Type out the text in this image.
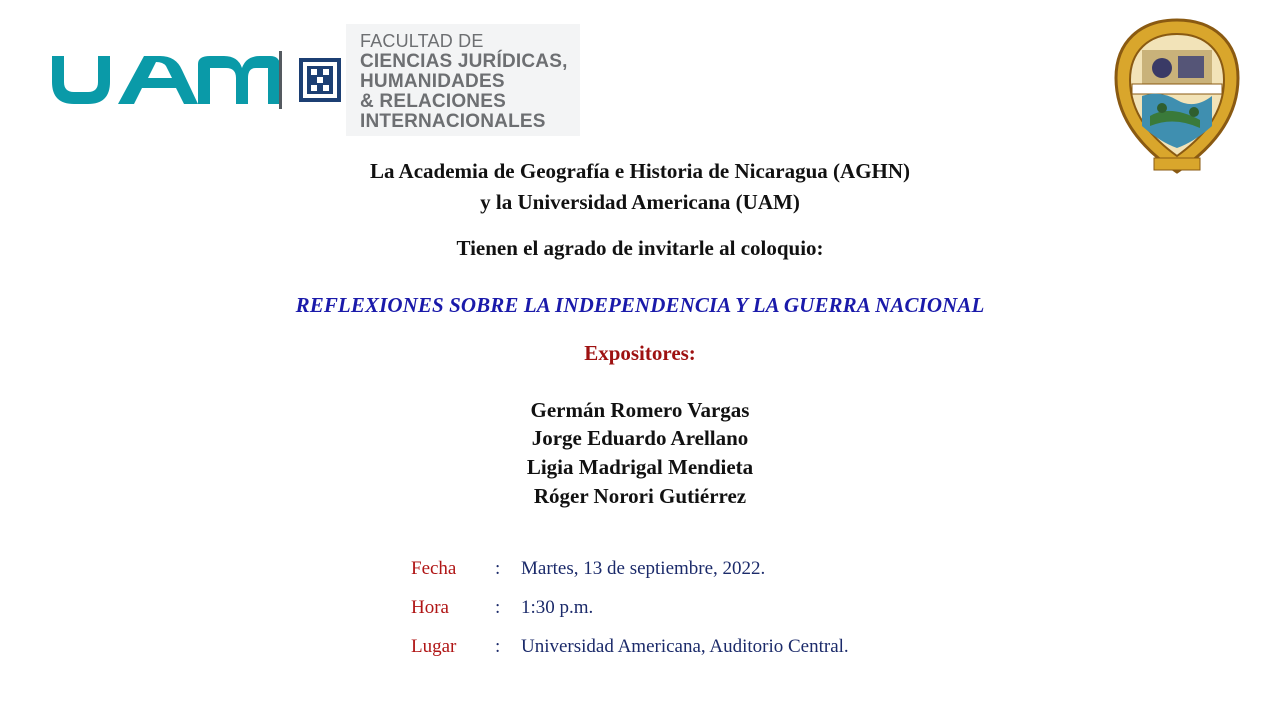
FACULTAD DE
CIENCIAS JURÍDICAS,
HUMANIDADES
& RELACIONES
INTERNACIONALES
La Academia de Geografía e Historia de Nicaragua (AGHN)
y la Universidad Americana (UAM)
Tienen el agrado de invitarle al coloquio:
REFLEXIONES SOBRE LA INDEPENDENCIA Y LA GUERRA NACIONAL
Expositores:
Germán Romero Vargas
Jorge Eduardo Arellano
Ligia Madrigal Mendieta
Róger Norori Gutiérrez
Fecha : Martes, 13 de septiembre, 2022.
Hora : 1:30 p.m.
Lugar : Universidad Americana, Auditorio Central.
